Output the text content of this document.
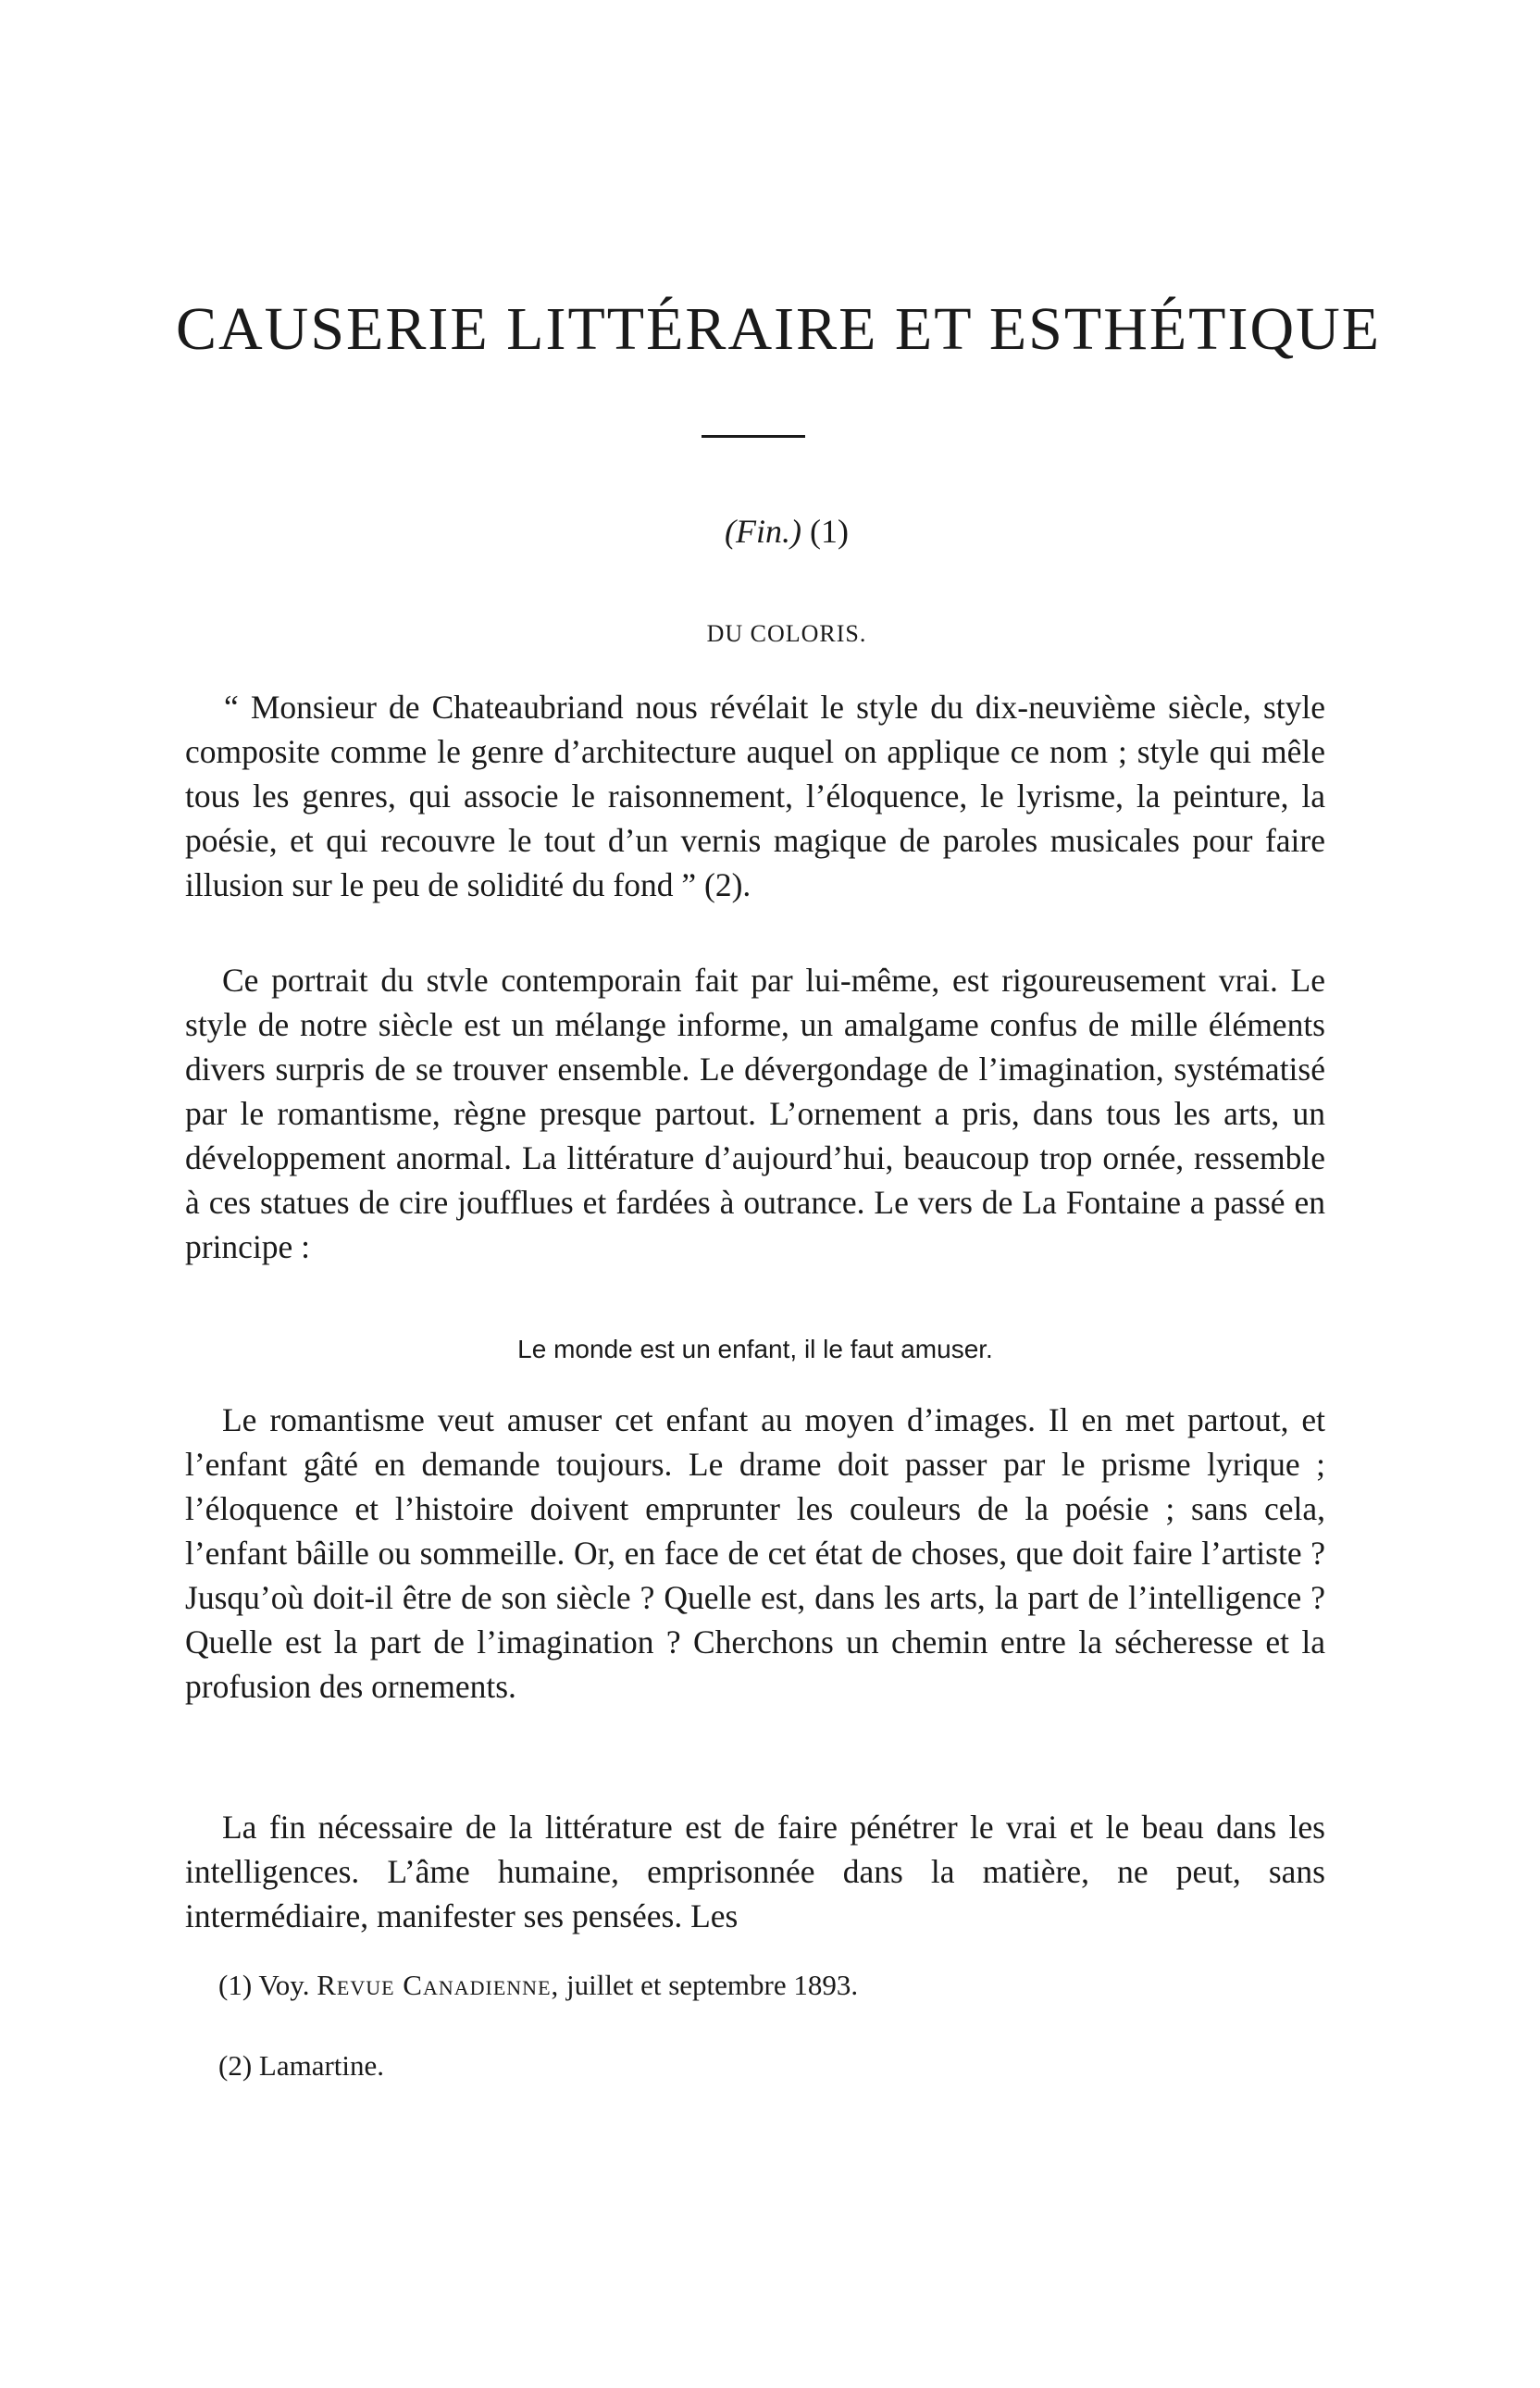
CAUSERIE LITTÉRAIRE ET ESTHÉTIQUE
(Fin.) (1)
DU COLORIS.

“ Monsieur de Chateaubriand nous révélait le style du dix-neuvième siècle, style composite comme le genre d’architecture auquel on applique ce nom ; style qui mêle tous les genres, qui associe le raisonnement, l’éloquence, le lyrisme, la peinture, la poésie, et qui recouvre le tout d’un vernis magique de paroles musicales pour faire illusion sur le peu de solidité du fond ” (2).

Ce portrait du stvle contemporain fait par lui-même, est rigoureusement vrai. Le style de notre siècle est un mélange informe, un amalgame confus de mille éléments divers surpris de se trouver ensemble. Le dévergondage de l’imagination, systématisé par le romantisme, règne presque partout. L’ornement a pris, dans tous les arts, un développement anormal. La littérature d’aujourd’hui, beaucoup trop ornée, ressemble à ces statues de cire joufflues et fardées à outrance. Le vers de La Fontaine a passé en principe :

Le monde est un enfant, il le faut amuser.

Le romantisme veut amuser cet enfant au moyen d’images. Il en met partout, et l’enfant gâté en demande toujours. Le drame doit passer par le prisme lyrique ; l’éloquence et l’histoire doivent emprunter les couleurs de la poésie ; sans cela, l’enfant bâille ou sommeille. Or, en face de cet état de choses, que doit faire l’artiste ? Jusqu’où doit-il être de son siècle ? Quelle est, dans les arts, la part de l’intelligence ? Quelle est la part de l’imagination ? Cherchons un chemin entre la sécheresse et la profusion des ornements.

La fin nécessaire de la littérature est de faire pénétrer le vrai et le beau dans les intelligences. L’âme humaine, emprisonnée dans la matière, ne peut, sans intermédiaire, manifester ses pensées. Les

(1) Voy. Revue Canadienne, juillet et septembre 1893.
(2) Lamartine.
